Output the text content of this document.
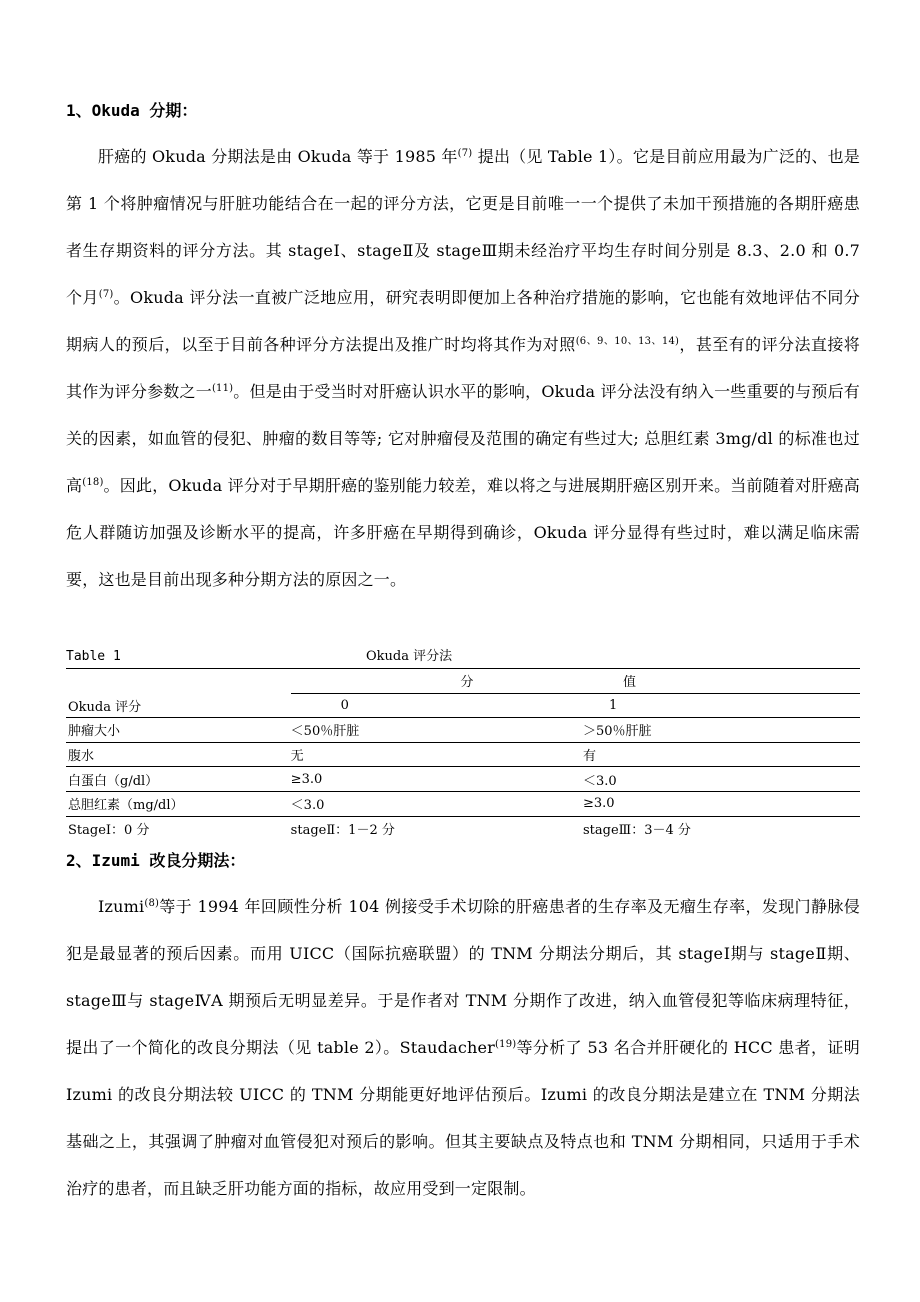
1、Okuda 分期：
肝癌的 Okuda 分期法是由 Okuda 等于 1985 年$^{(7)}$ 提出（见 Table 1）。它是目前应用最为广泛的、也是第 1 个将肿瘤情况与肝脏功能结合在一起的评分方法，它更是目前唯一一个提供了未加干预措施的各期肝癌患者生存期资料的评分方法。其 stageⅠ、stageⅡ及 stageⅢ期未经治疗平均生存时间分别是 8.3、2.0 和 0.7 个月$^{(7)}$。Okuda 评分法一直被广泛地应用，研究表明即便加上各种治疗措施的影响，它也能有效地评估不同分期病人的预后，以至于目前各种评分方法提出及推广时均将其作为对照$^{(6、9、10、13、14)}$，甚至有的评分法直接将其作为评分参数之一$^{(11)}$。但是由于受当时对肝癌认识水平的影响，Okuda 评分法没有纳入一些重要的与预后有关的因素，如血管的侵犯、肿瘤的数目等等; 它对肿瘤侵及范围的确定有些过大; 总胆红素 3mg/dl 的标准也过高$^{(18)}$。因此，Okuda 评分对于早期肝癌的鉴别能力较差，难以将之与进展期肝癌区别开来。当前随着对肝癌高危人群随访加强及诊断水平的提高，许多肝癌在早期得到确诊，Okuda 评分显得有些过时，难以满足临床需要，这也是目前出现多种分期方法的原因之一。
Table 1	Okuda 评分法
	分	值
Okuda 评分	0	1
肿瘤大小	＜50％肝脏	＞50％肝脏
腹水	无	有
白蛋白（g/dl）	≥3.0	＜3.0
总胆红素（mg/dl）	＜3.0	≥3.0
StageⅠ：0 分	stageⅡ：1－2 分	stageⅢ：3－4 分
2、Izumi 改良分期法：
Izumi$^{(8)}$等于 1994 年回顾性分析 104 例接受手术切除的肝癌患者的生存率及无瘤生存率，发现门静脉侵犯是最显著的预后因素。而用 UICC（国际抗癌联盟）的 TNM 分期法分期后，其 stageⅠ期与 stageⅡ期、stageⅢ与 stageⅣA 期预后无明显差异。于是作者对 TNM 分期作了改进，纳入血管侵犯等临床病理特征，提出了一个简化的改良分期法（见 table 2）。Staudacher$^{(19)}$等分析了 53 名合并肝硬化的 HCC 患者，证明 Izumi 的改良分期法较 UICC 的 TNM 分期能更好地评估预后。Izumi 的改良分期法是建立在 TNM 分期法基础之上，其强调了肿瘤对血管侵犯对预后的影响。但其主要缺点及特点也和 TNM 分期相同，只适用于手术治疗的患者，而且缺乏肝功能方面的指标，故应用受到一定限制。
